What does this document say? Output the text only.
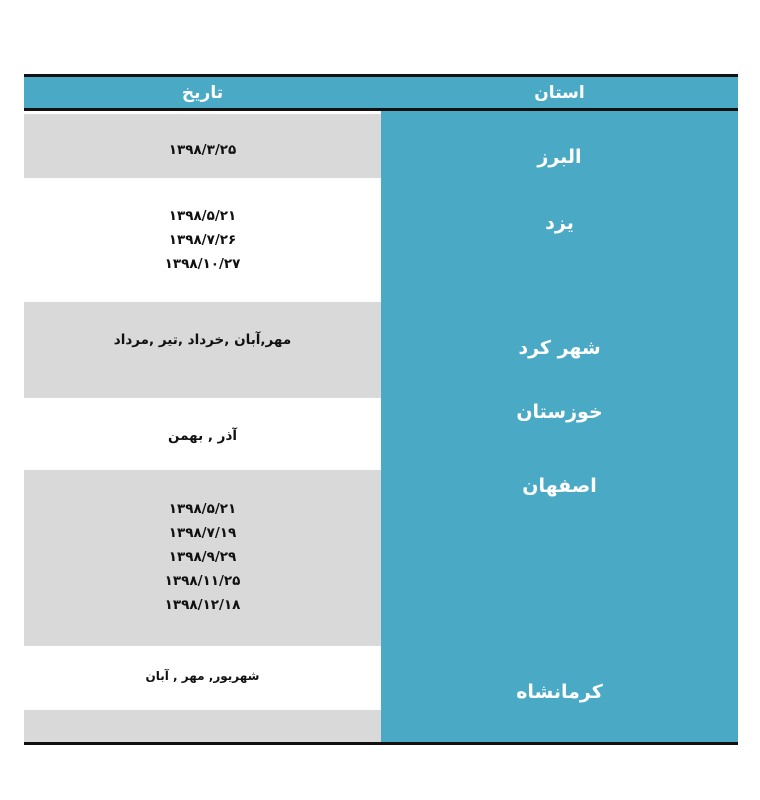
تاریخ	استان
البرز
یزد
شهر کرد
خوزستان
اصفهان
کرمانشاه
۱۳۹۸/۳/۲۵
۱۳۹۸/۵/۲۱
۱۳۹۸/۷/۲۶
۱۳۹۸/۱۰/۲۷
مهر,آبان ,خرداد ,تیر ,مرداد
آذر , بهمن
۱۳۹۸/۵/۲۱
۱۳۹۸/۷/۱۹
۱۳۹۸/۹/۲۹
۱۳۹۸/۱۱/۲۵
۱۳۹۸/۱۲/۱۸
شهریور, مهر , آبان
